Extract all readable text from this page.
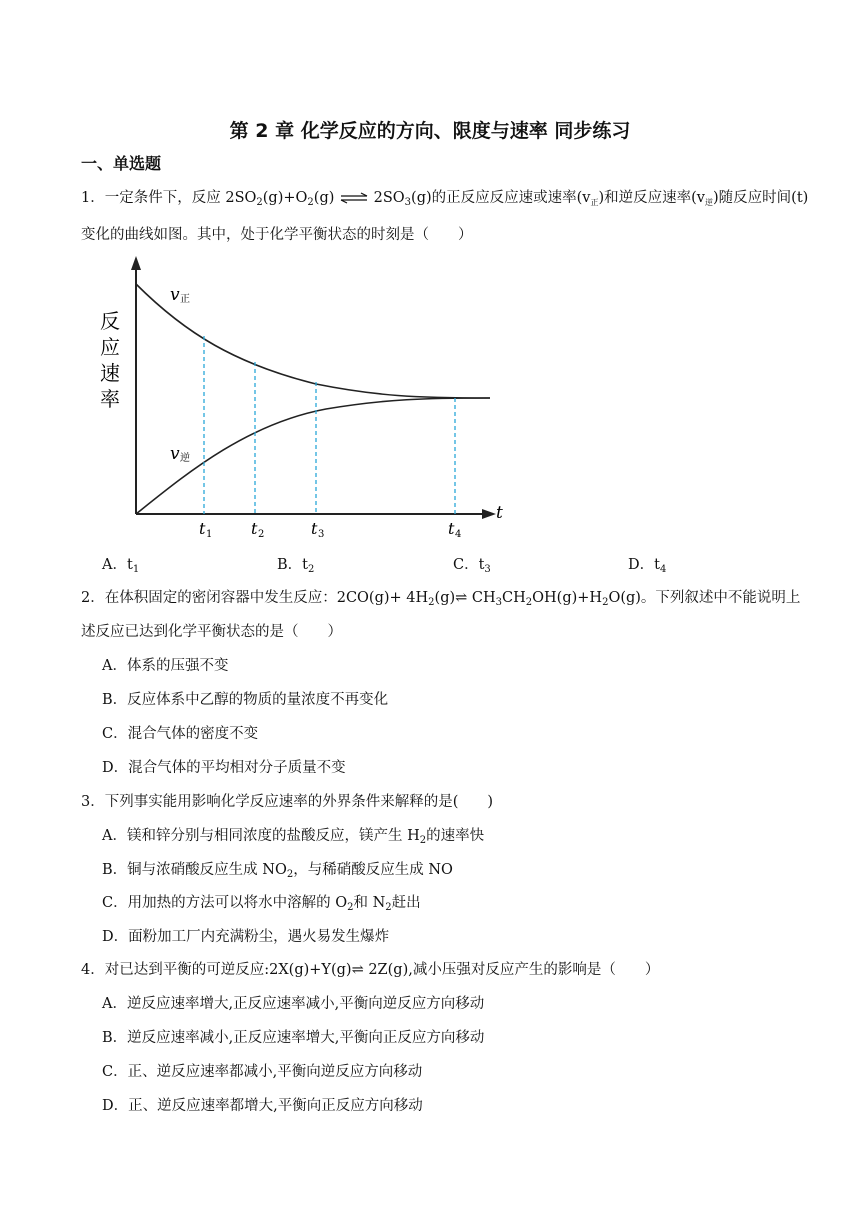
第 2 章 化学反应的方向、限度与速率 同步练习
一、单选题
1．一定条件下，反应 $2SO_2(g)+O_2(g)$ ⇌ $2SO_3(g)$的正反应反应速或速率$(v_正)$和逆反应速率$(v_逆)$随反应时间(t)
变化的曲线如图。其中，处于化学平衡状态的时刻是（　　）
反
应
速
率
v 正
v 逆
t
t 1 t 2	t 3	t 4
A．$t_1$	B．$t_2$	C．$t_3$	D．$t_4$
2．在体积固定的密闭容器中发生反应：$2CO(g)+ 4H_2(g)\rightleftharpoons$ $CH_3CH_2OH(g)+H_2O(g)$。下列叙述中不能说明上
述反应已达到化学平衡状态的是（　　）
A．体系的压强不变
B．反应体系中乙醇的物质的量浓度不再变化
C．混合气体的密度不变
D．混合气体的平均相对分子质量不变
3．下列事实能用影响化学反应速率的外界条件来解释的是(　　)
A．镁和锌分别与相同浓度的盐酸反应，镁产生 $H_2$的速率快
B．铜与浓硝酸反应生成 $NO_2$，与稀硝酸反应生成 NO
C．用加热的方法可以将水中溶解的 $O_2$和 $N_2$赶出
D．面粉加工厂内充满粉尘，遇火易发生爆炸
4．对已达到平衡的可逆反应:2X(g)+Y(g)⇌ 2Z(g),减小压强对反应产生的影响是（　　）
A．逆反应速率增大,正反应速率减小,平衡向逆反应方向移动
B．逆反应速率减小,正反应速率增大,平衡向正反应方向移动
C．正、逆反应速率都减小,平衡向逆反应方向移动
D．正、逆反应速率都增大,平衡向正反应方向移动
